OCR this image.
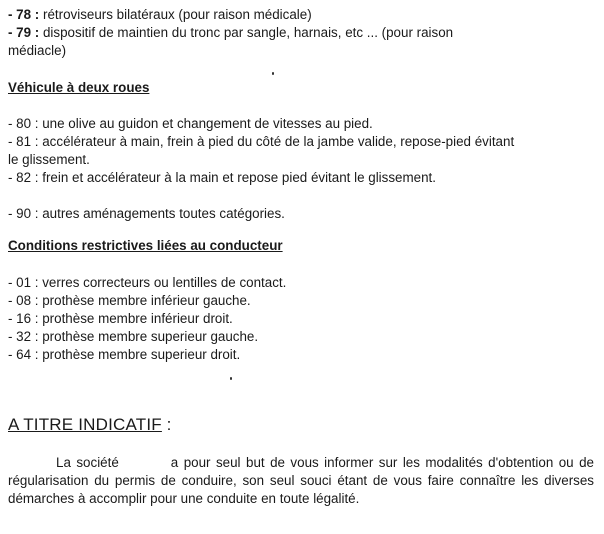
- 78 : rétroviseurs bilatéraux (pour raison médicale)
- 79 : dispositif de maintien du tronc par sangle, harnais, etc ... (pour raison
médiacle)
Véhicule à deux roues
- 80 : une olive au guidon et changement de vitesses au pied.
- 81 : accélérateur à main, frein à pied du côté de la jambe valide, repose-pied évitant
le glissement.
- 82 : frein et accélérateur à la main et repose pied évitant le glissement.
- 90 : autres aménagements toutes catégories.
Conditions restrictives liées au conducteur
- 01 : verres correcteurs ou lentilles de contact.
- 08 : prothèse membre inférieur gauche.
- 16 : prothèse membre inférieur droit.
- 32 : prothèse membre superieur gauche.
- 64 : prothèse membre superieur droit.
A TITRE INDICATIF :
La société	a pour seul but de vous informer sur les modalités d'obtention ou de régularisation du permis de conduire, son seul souci étant de vous faire connaître les diverses démarches à accomplir pour une conduite en toute légalité.
